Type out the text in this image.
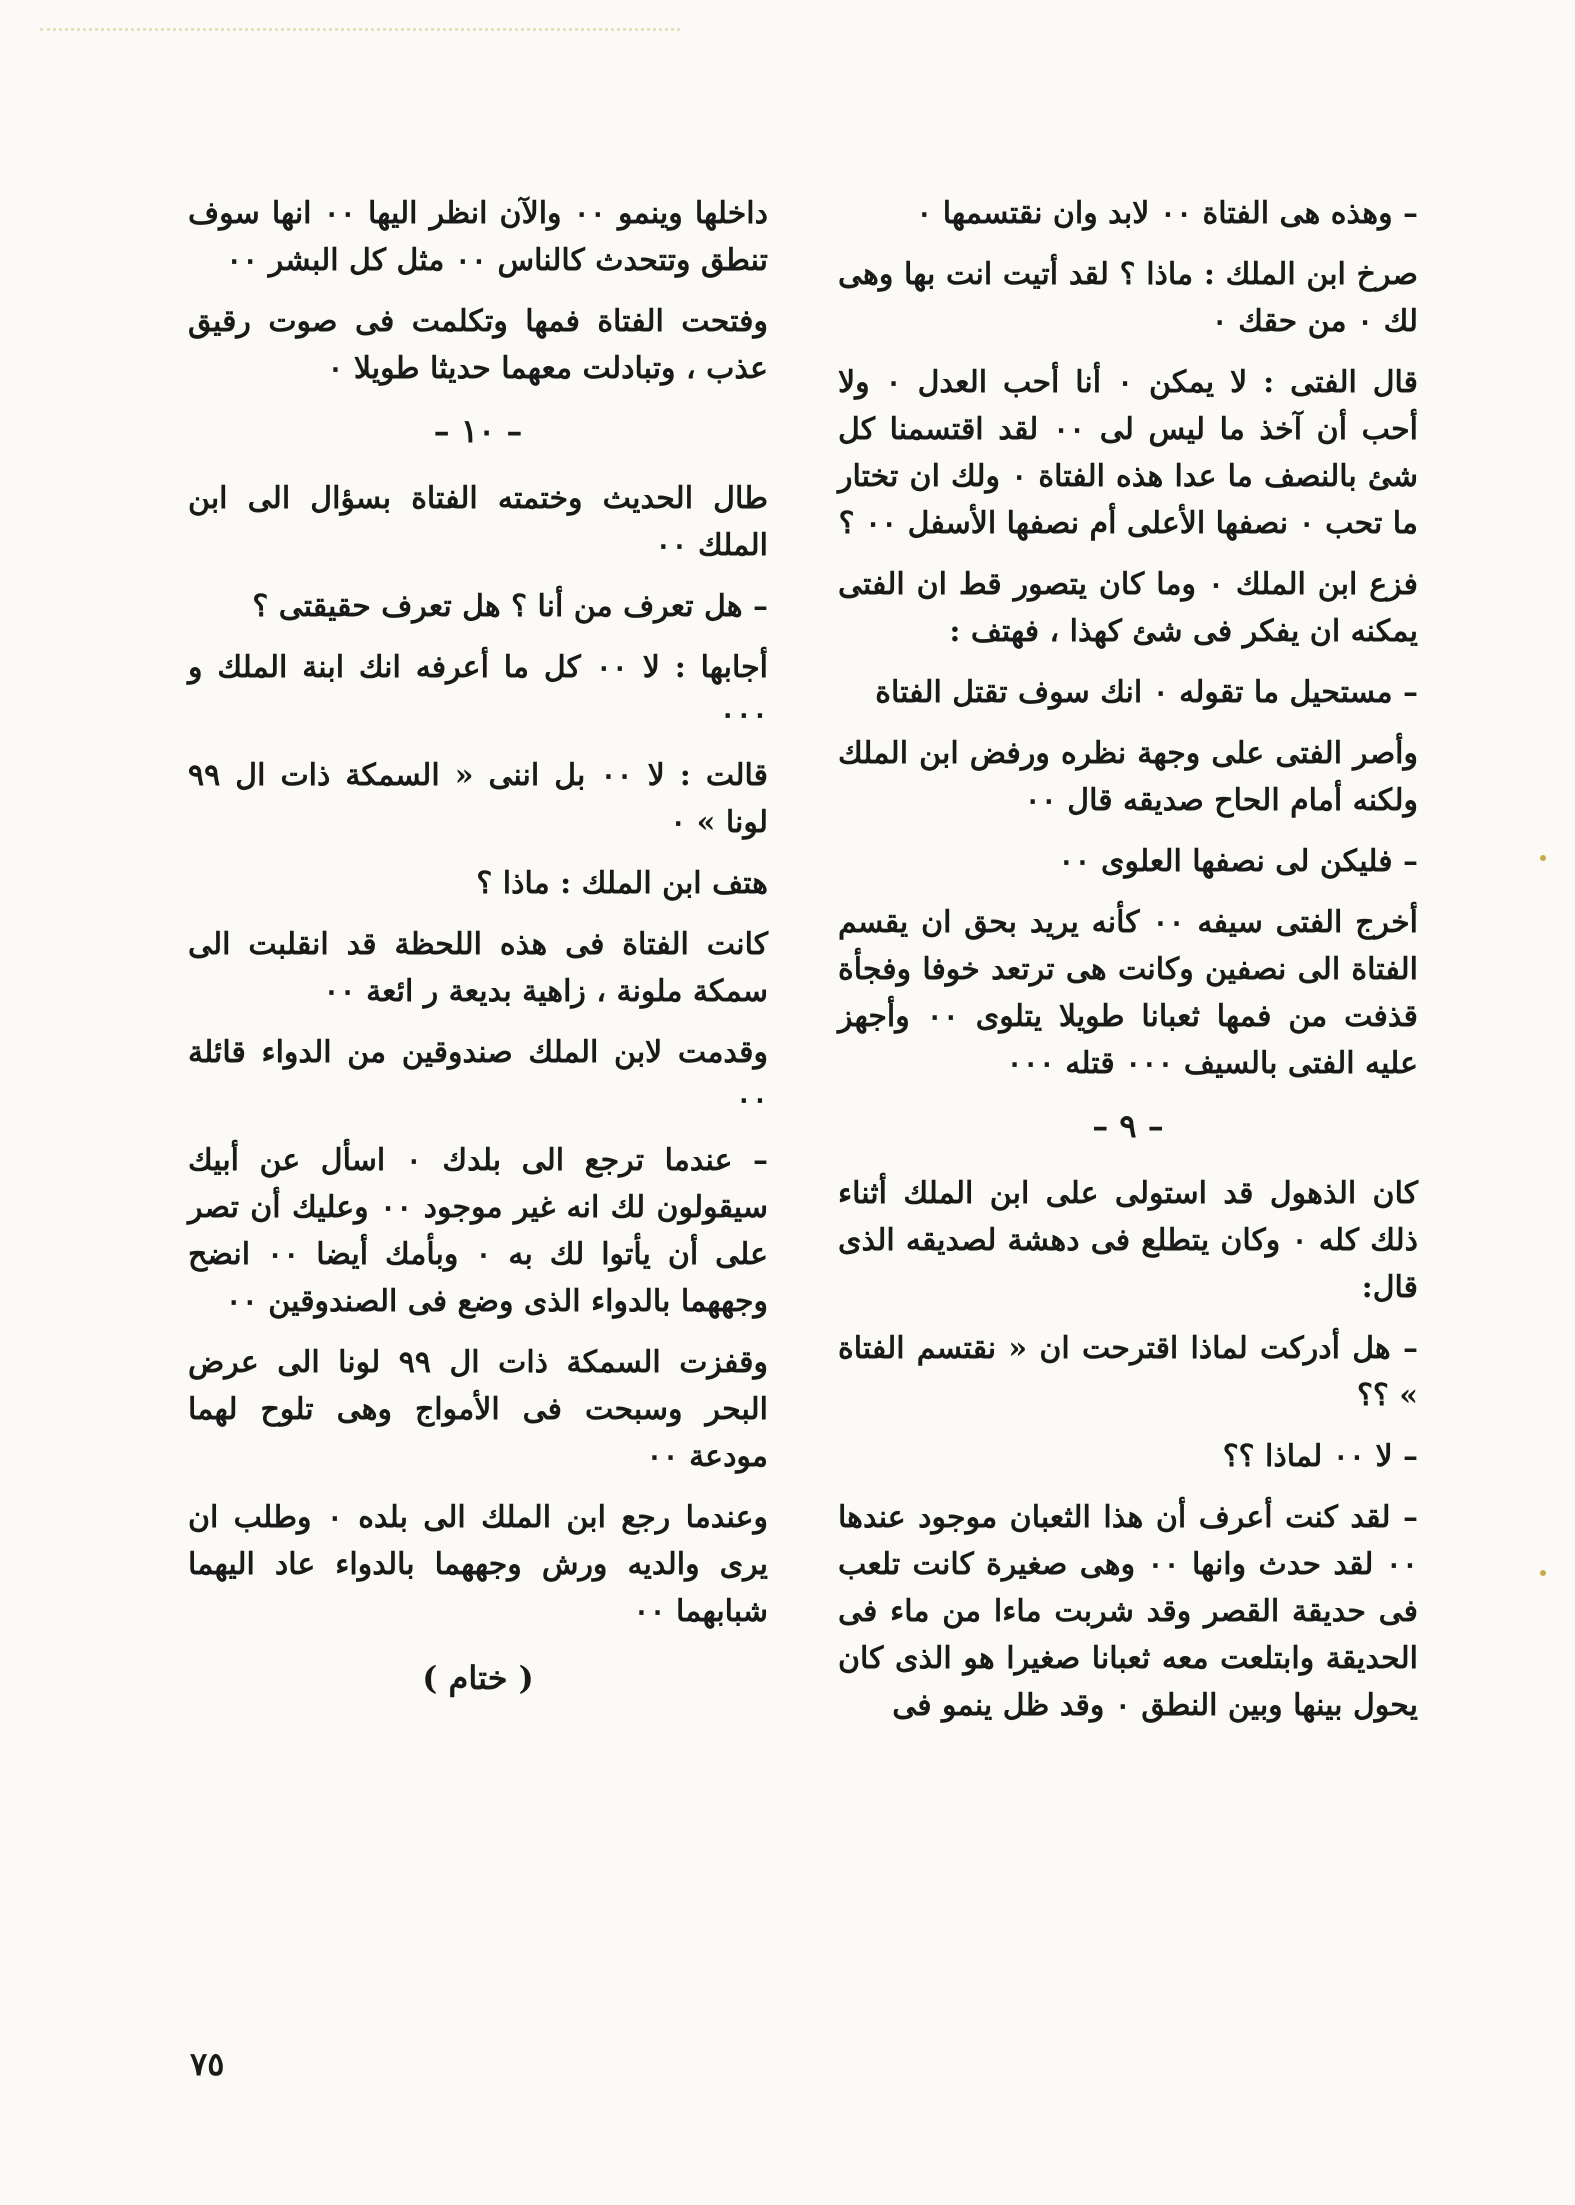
– وهذه هى الفتاة ٠٠ لابد وان نقتسمها ٠

صرخ ابن الملك : ماذا ؟ لقد أتيت انت بها وهى لك ٠ من حقك ٠

قال الفتى : لا يمكن ٠ أنا أحب العدل ٠ ولا أحب أن آخذ ما ليس لى ٠٠ لقد اقتسمنا كل شئ بالنصف ما عدا هذه الفتاة ٠ ولك ان تختار ما تحب ٠ نصفها الأعلى أم نصفها الأسفل ٠٠ ؟

فزع ابن الملك ٠ وما كان يتصور قط ان الفتى يمكنه ان يفكر فى شئ كهذا ، فهتف :

– مستحيل ما تقوله ٠ انك سوف تقتل الفتاة

وأصر الفتى على وجهة نظره ورفض ابن الملك ولكنه أمام الحاح صديقه قال ٠٠

– فليكن لى نصفها العلوى ٠٠

أخرج الفتى سيفه ٠٠ كأنه يريد بحق ان يقسم الفتاة الى نصفين وكانت هى ترتعد خوفا وفجأة قذفت من فمها ثعبانا طويلا يتلوى ٠٠ وأجهز عليه الفتى بالسيف ٠٠٠ قتله ٠٠٠

– ٩ –

كان الذهول قد استولى على ابن الملك أثناء ذلك كله ٠ وكان يتطلع فى دهشة لصديقه الذى قال:

– هل أدركت لماذا اقترحت ان « نقتسم الفتاة » ؟؟

– لا ٠٠ لماذا ؟؟

– لقد كنت أعرف أن هذا الثعبان موجود عندها ٠٠ لقد حدث وانها ٠٠ وهى صغيرة كانت تلعب فى حديقة القصر وقد شربت ماءا من ماء فى الحديقة وابتلعت معه ثعبانا صغيرا هو الذى كان يحول بينها وبين النطق ٠ وقد ظل ينمو فى

داخلها وينمو ٠٠ والآن انظر اليها ٠٠ انها سوف تنطق وتتحدث كالناس ٠٠ مثل كل البشر ٠٠

وفتحت الفتاة فمها وتكلمت فى صوت رقيق عذب ، وتبادلت معهما حديثا طويلا ٠

– ١٠ –

طال الحديث وختمته الفتاة بسؤال الى ابن الملك ٠٠

– هل تعرف من أنا ؟ هل تعرف حقيقتى ؟

أجابها : لا ٠٠ كل ما أعرفه انك ابنة الملك و ٠٠٠

قالت : لا ٠٠ بل اننى « السمكة ذات ال ٩٩ لونا » ٠

هتف ابن الملك : ماذا ؟

كانت الفتاة فى هذه اللحظة قد انقلبت الى سمكة ملونة ، زاهية بديعة ر ائعة ٠٠

وقدمت لابن الملك صندوقين من الدواء قائلة ٠٠

– عندما ترجع الى بلدك ٠ اسأل عن أبيك سيقولون لك انه غير موجود ٠٠ وعليك أن تصر على أن يأتوا لك به ٠ وبأمك أيضا ٠٠ انضح وجههما بالدواء الذى وضع فى الصندوقين ٠٠

وقفزت السمكة ذات ال ٩٩ لونا الى عرض البحر وسبحت فى الأمواج وهى تلوح لهما مودعة ٠٠

وعندما رجع ابن الملك الى بلده ٠ وطلب ان يرى والديه ورش وجههما بالدواء عاد اليهما شبابهما ٠٠

( ختام )
٧٥
